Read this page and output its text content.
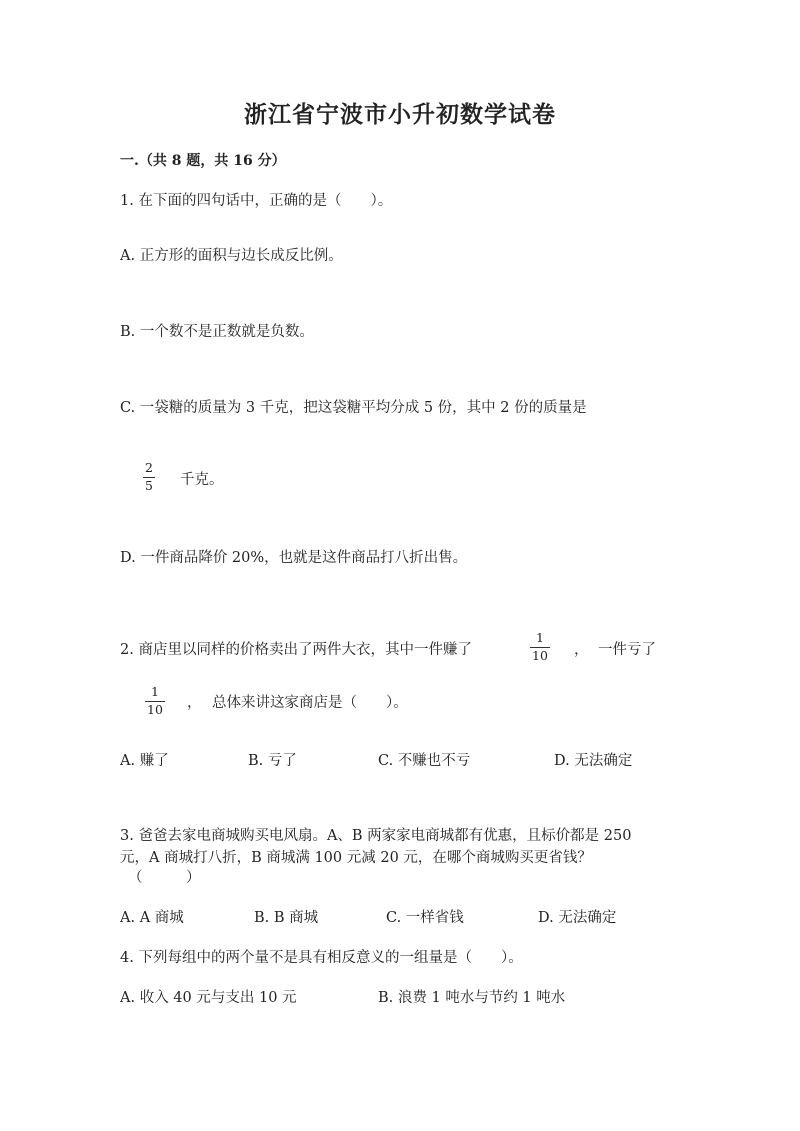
浙江省宁波市小升初数学试卷
一.（共 8 题，共 16 分）
1. 在下面的四句话中，正确的是（　　）。
A. 正方形的面积与边长成反比例。
B. 一个数不是正数就是负数。
C. 一袋糖的质量为 3 千克，把这袋糖平均分成 5 份，其中 2 份的质量是
2
5 千克。
D. 一件商品降价 20%，也就是这件商品打八折出售。
2. 商店里以同样的价格卖出了两件大衣，其中一件赚了
1
10 ， 一件亏了
1
10 ， 总体来讲这家商店是（　　）。
A. 赚了	B. 亏了	C. 不赚也不亏	D. 无法确定
3. 爸爸去家电商城购买电风扇。A、B 两家家电商城都有优惠，且标价都是 250
元，A 商城打八折，B 商城满 100 元减 20 元，在哪个商城购买更省钱？
（　　　）
A. A 商城	B. B 商城	C. 一样省钱	D. 无法确定
4. 下列每组中的两个量不是具有相反意义的一组量是（　　）。
A. 收入 40 元与支出 10 元	B. 浪费 1 吨水与节约 1 吨水
